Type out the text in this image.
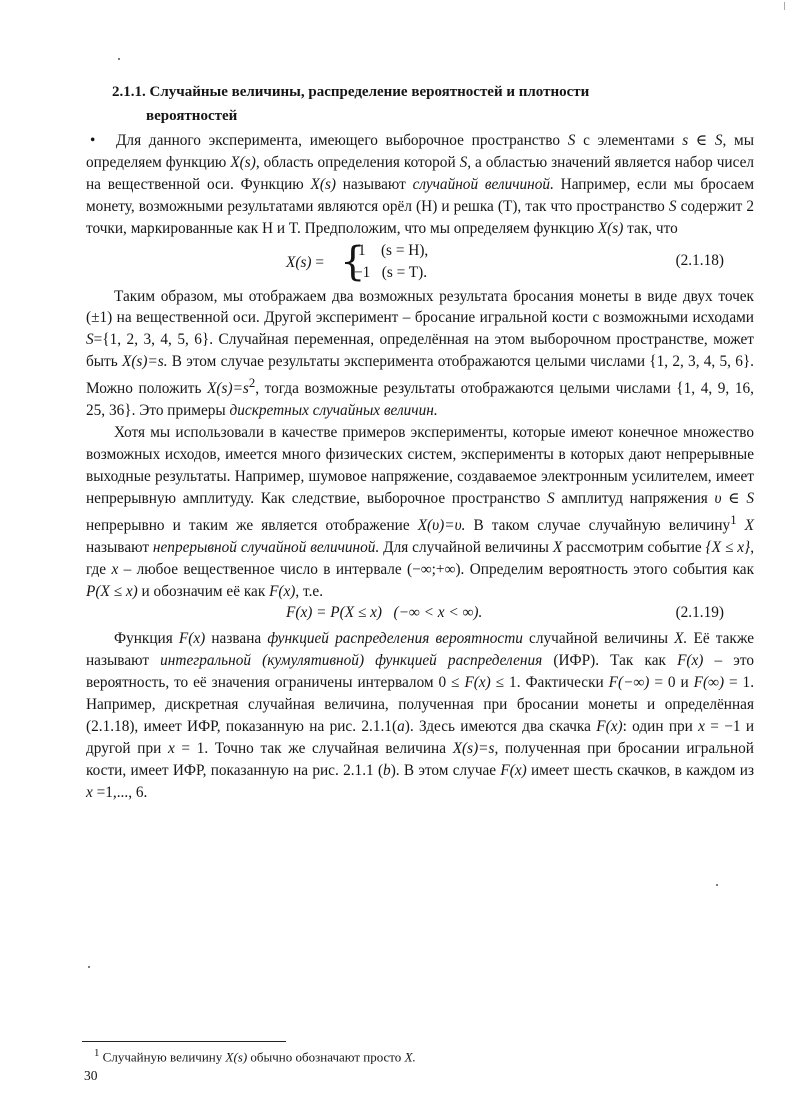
2.1.1. Случайные величины, распределение вероятностей и плотности
вероятностей

• Для данного эксперимента, имеющего выборочное пространство S с элементами s ∈ S, мы определяем функцию X(s), область определения которой S, а областью значений является набор чисел на вещественной оси. Функцию X(s) называют случайной величиной. Например, если мы бросаем монету, возможными результатами являются орёл (H) и решка (T), так что пространство S содержит 2 точки, маркированные как H и T. Предположим, что мы определяем функцию X(s) так, что

X(s) = {
1    (s = H),
−1   (s = T).
(2.1.18)

Таким образом, мы отображаем два возможных результата бросания монеты в виде двух точек (±1) на вещественной оси. Другой эксперимент – бросание игральной кости с возможными исходами S={1, 2, 3, 4, 5, 6}. Случайная переменная, определённая на этом выборочном пространстве, может быть X(s)=s. В этом случае результаты эксперимента отображаются целыми числами {1, 2, 3, 4, 5, 6}. Можно положить $X(s)=s^2$, тогда возможные результаты отображаются целыми числами {1, 4, 9, 16, 25, 36}. Это примеры дискретных случайных величин.

Хотя мы использовали в качестве примеров эксперименты, которые имеют конечное множество возможных исходов, имеется много физических систем, эксперименты в которых дают непрерывные выходные результаты. Например, шумовое напряжение, создаваемое электронным усилителем, имеет непрерывную амплитуду. Как следствие, выборочное пространство S амплитуд напряжения υ ∈ S непрерывно и таким же является отображение X(υ)=υ. В таком случае случайную величину$^1$ X называют непрерывной случайной величиной. Для случайной величины X рассмотрим событие {X ≤ x}, где x – любое вещественное число в интервале (−∞;+∞). Определим вероятность этого события как P(X ≤ x) и обозначим её как F(x), т.е.

F(x) = P(X ≤ x)   (−∞ < x < ∞).	(2.1.19)

Функция F(x) названа функцией распределения вероятности случайной величины X. Её также называют интегральной (кумулятивной) функцией распределения (ИФР). Так как F(x) – это вероятность, то её значения ограничены интервалом 0 ≤ F(x) ≤ 1. Фактически F(−∞) = 0 и F(∞) = 1. Например, дискретная случайная величина, полученная при бросании монеты и определённая (2.1.18), имеет ИФР, показанную на рис. 2.1.1(a). Здесь имеются два скачка F(x): один при x = −1 и другой при x = 1. Точно так же случайная величина X(s)=s, полученная при бросании игральной кости, имеет ИФР, показанную на рис. 2.1.1 (b). В этом случае F(x) имеет шесть скачков, в каждом из x =1,..., 6.

$^1$ Случайную величину X(s) обычно обозначают просто X.
30
